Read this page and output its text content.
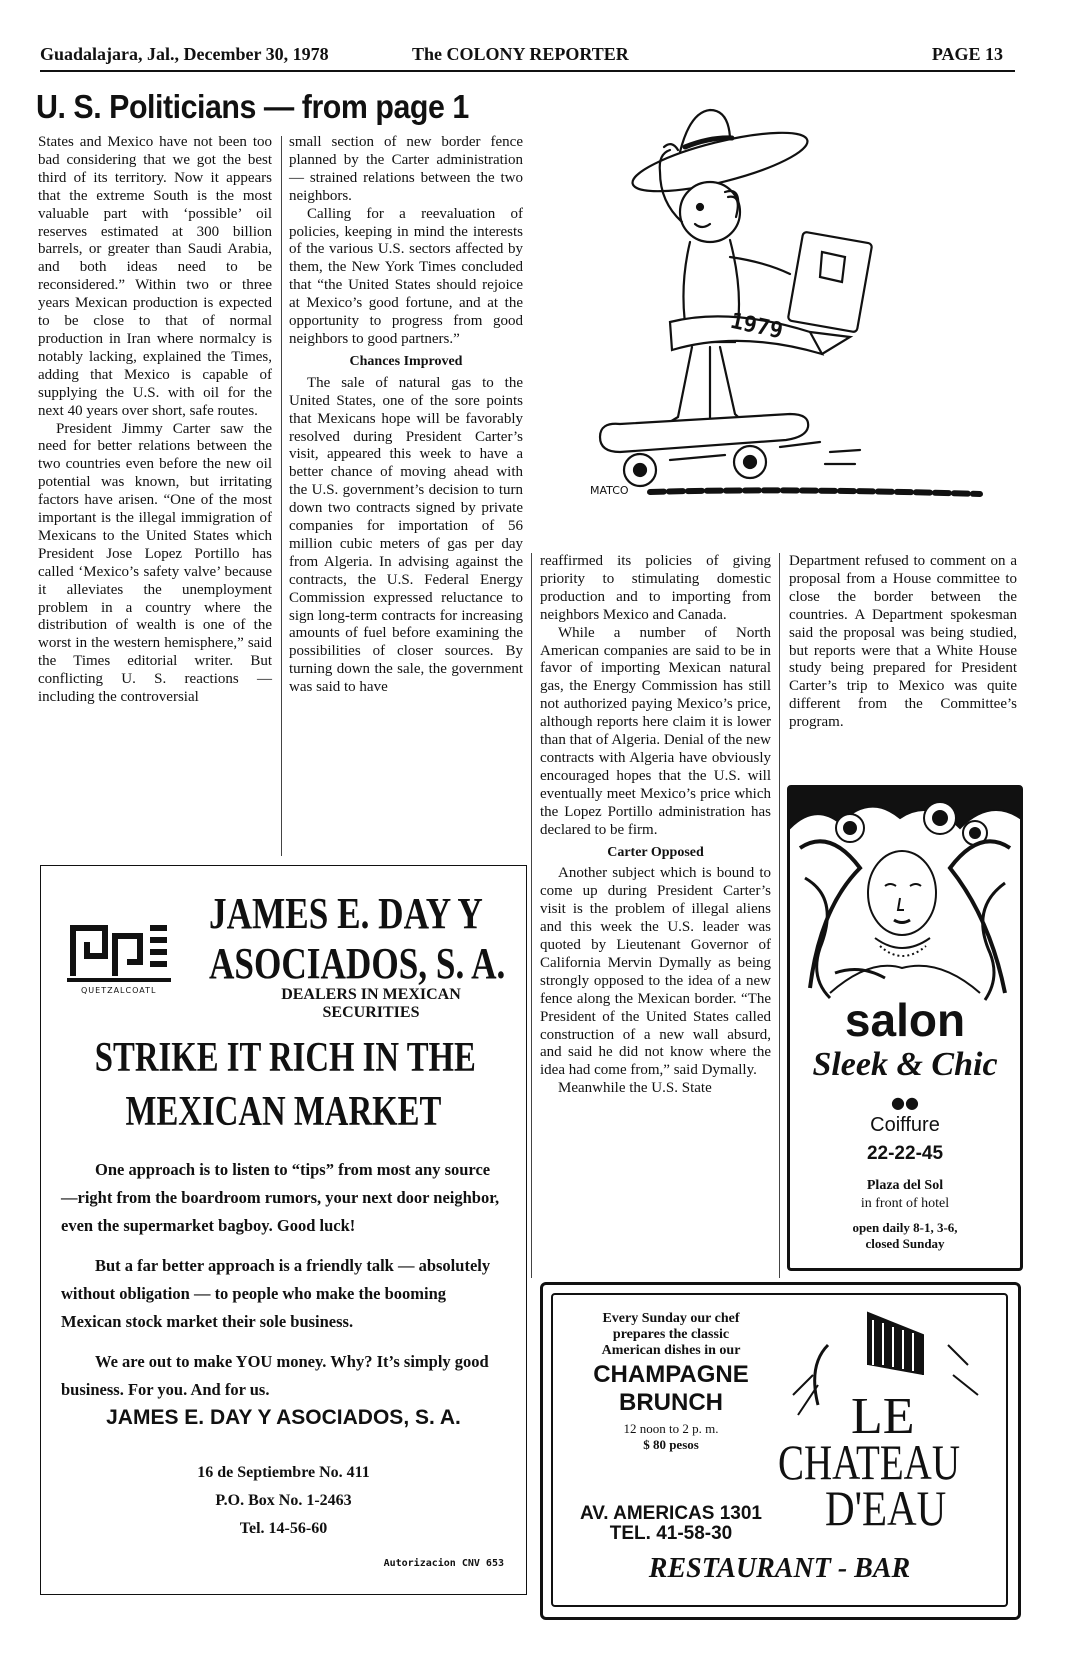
Guadalajara, Jal., December 30, 1978	The COLONY REPORTER	PAGE 13
U. S. Politicians — from page 1

States and Mexico have not been too bad considering that we got the best third of its territory. Now it appears that the extreme South is the most valuable part with ‘possible’ oil reserves estimated at 300 billion barrels, or greater than Saudi Arabia, and both ideas need to be reconsidered.” Within two or three years Mexican production is expected to be close to that of normal production in Iran where normalcy is notably lacking, explained the Times, adding that Mexico is capable of supplying the U.S. with oil for the next 40 years over short, safe routes.

President Jimmy Carter saw the need for better relations between the two countries even before the new oil potential was known, but irritating factors have arisen. “One of the most important is the illegal immigration of Mexicans to the United States which President Jose Lopez Portillo has called ‘Mexico’s safety valve’ because it alleviates the unemployment problem in a country where the distribution of wealth is one of the worst in the western hemisphere,” said the Times editorial writer. But conflicting U. S. reactions — including the controversial

small section of new border fence planned by the Carter administration — strained relations between the two neighbors.

Calling for a reevaluation of policies, keeping in mind the interests of the various U.S. sectors affected by them, the New York Times concluded that “the United States should rejoice at Mexico’s good fortune, and at the opportunity to progress from good neighbors to good partners.”

Chances Improved

The sale of natural gas to the United States, one of the sore points that Mexicans hope will be favorably resolved during President Carter’s visit, appeared this week to have a better chance of moving ahead with the U.S. government’s decision to turn down two contracts signed by private companies for importation of 56 million cubic meters of gas per day from Algeria. In advising against the contracts, the U.S. Federal Energy Commission expressed reluctance to sign long-term contracts for increasing amounts of fuel before examining the possibilities of closer sources. By turning down the sale, the government was said to have

reaffirmed its policies of giving priority to stimulating domestic production and to importing from neighbors Mexico and Canada.

While a number of North American companies are said to be in favor of importing Mexican natural gas, the Energy Commission has still not authorized paying Mexico’s price, although reports here claim it is lower than that of Algeria. Denial of the new contracts with Algeria have obviously encouraged hopes that the U.S. will eventually meet Mexico’s price which the Lopez Portillo administration has declared to be firm.

Carter Opposed

Another subject which is bound to come up during President Carter’s visit is the problem of illegal aliens and this week the U.S. leader was quoted by Lieutenant Governor of California Mervin Dymally as being strongly opposed to the idea of a new fence along the Mexican border. “The President of the United States called construction of a new wall absurd, and said he did not know where the idea had come from,” said Dymally.

Meanwhile the U.S. State

Department refused to comment on a proposal from a House committee to close the border between the countries. A Department spokesman said the proposal was being studied, but reports were that a White House study being prepared for President Carter’s trip to Mexico was quite different from the Committee’s program.

1979
MATCO
QUETZALCOATL
JAMES E. DAY Y
ASOCIADOS, S. A.
DEALERS IN MEXICAN SECURITIES
STRIKE IT RICH IN THE
MEXICAN MARKET

One approach is to listen to “tips” from most any source—right from the boardroom rumors, your next door neighbor, even the supermarket bagboy. Good luck!

But a far better approach is a friendly talk — absolutely without obligation — to people who make the booming Mexican stock market their sole business.

We are out to make YOU money. Why? It’s simply good business. For you. And for us.

JAMES E. DAY Y ASOCIADOS, S. A.
16 de Septiembre No. 411
P.O. Box No. 1-2463
Tel. 14-56-60
Autorizacion CNV 653
salon
Sleek & Chic
●●
Coiffure
22-22-45
Plaza del Sol
in front of hotel
open daily 8-1, 3-6,
closed Sunday
Every Sunday our chef
prepares the classic
American dishes in our
CHAMPAGNE
BRUNCH
12 noon to 2 p. m.
$ 80 pesos
AV. AMERICAS 1301
TEL. 41-58-30
LE
CHATEAU
D'EAU
RESTAURANT - BAR
